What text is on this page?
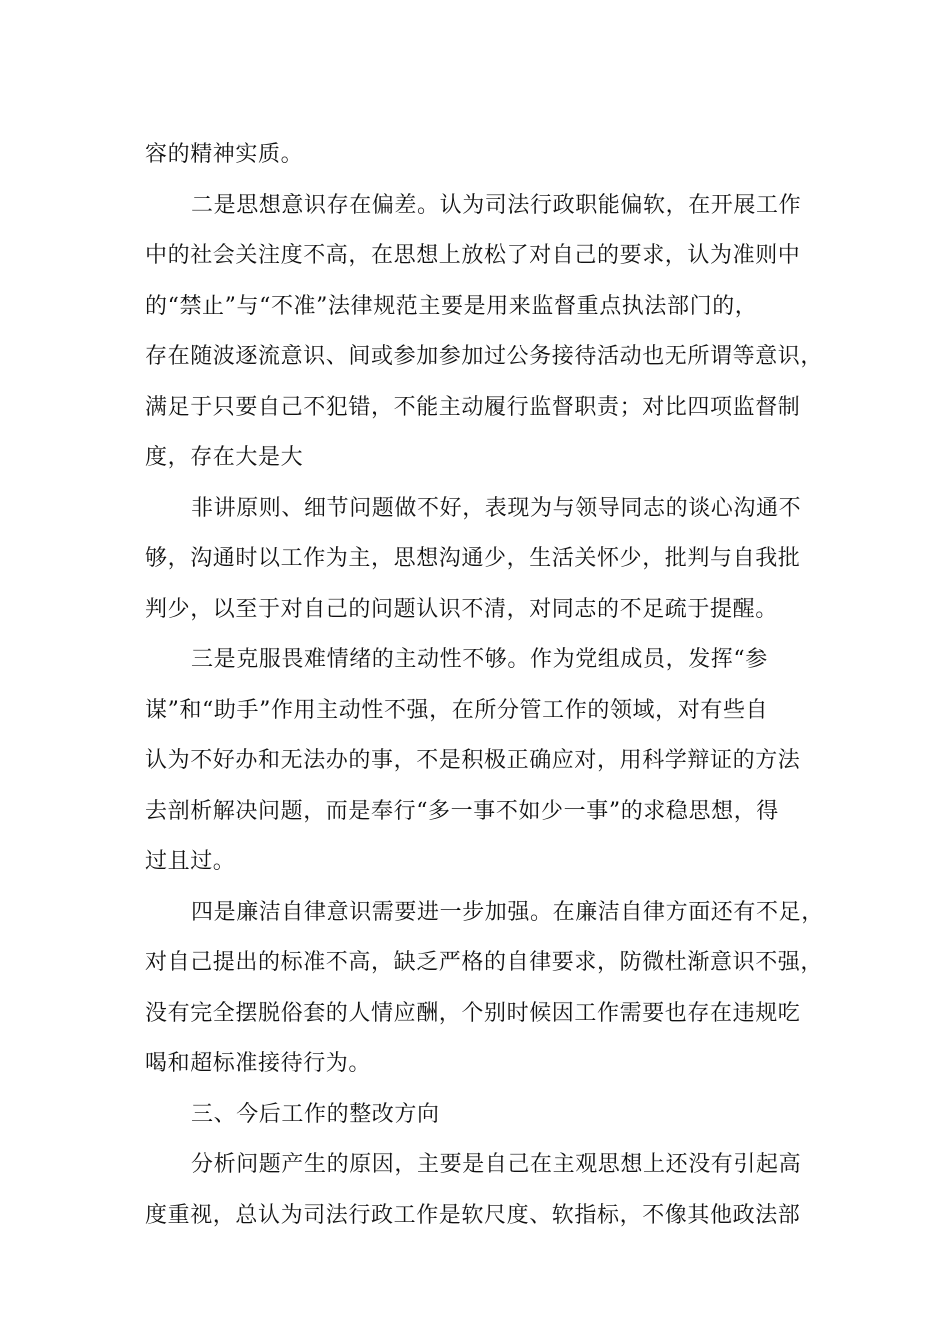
容的精神实质。
二是思想意识存在偏差。认为司法行政职能偏软，在开展工作
中的社会关注度不高，在思想上放松了对自己的要求，认为准则中
的“禁止”与“不准”法律规范主要是用来监督重点执法部门的，
存在随波逐流意识、间或参加参加过公务接待活动也无所谓等意识，
满足于只要自己不犯错，不能主动履行监督职责；对比四项监督制
度，存在大是大
非讲原则、细节问题做不好，表现为与领导同志的谈心沟通不
够，沟通时以工作为主，思想沟通少，生活关怀少，批判与自我批
判少，以至于对自己的问题认识不清，对同志的不足疏于提醒。
三是克服畏难情绪的主动性不够。作为党组成员，发挥“参
谋”和“助手”作用主动性不强，在所分管工作的领域，对有些自
认为不好办和无法办的事，不是积极正确应对，用科学辩证的方法
去剖析解决问题，而是奉行“多一事不如少一事”的求稳思想，得
过且过。
四是廉洁自律意识需要进一步加强。在廉洁自律方面还有不足，
对自己提出的标准不高，缺乏严格的自律要求，防微杜渐意识不强，
没有完全摆脱俗套的人情应酬，个别时候因工作需要也存在违规吃
喝和超标准接待行为。
三、今后工作的整改方向
分析问题产生的原因，主要是自己在主观思想上还没有引起高
度重视，总认为司法行政工作是软尺度、软指标，不像其他政法部
